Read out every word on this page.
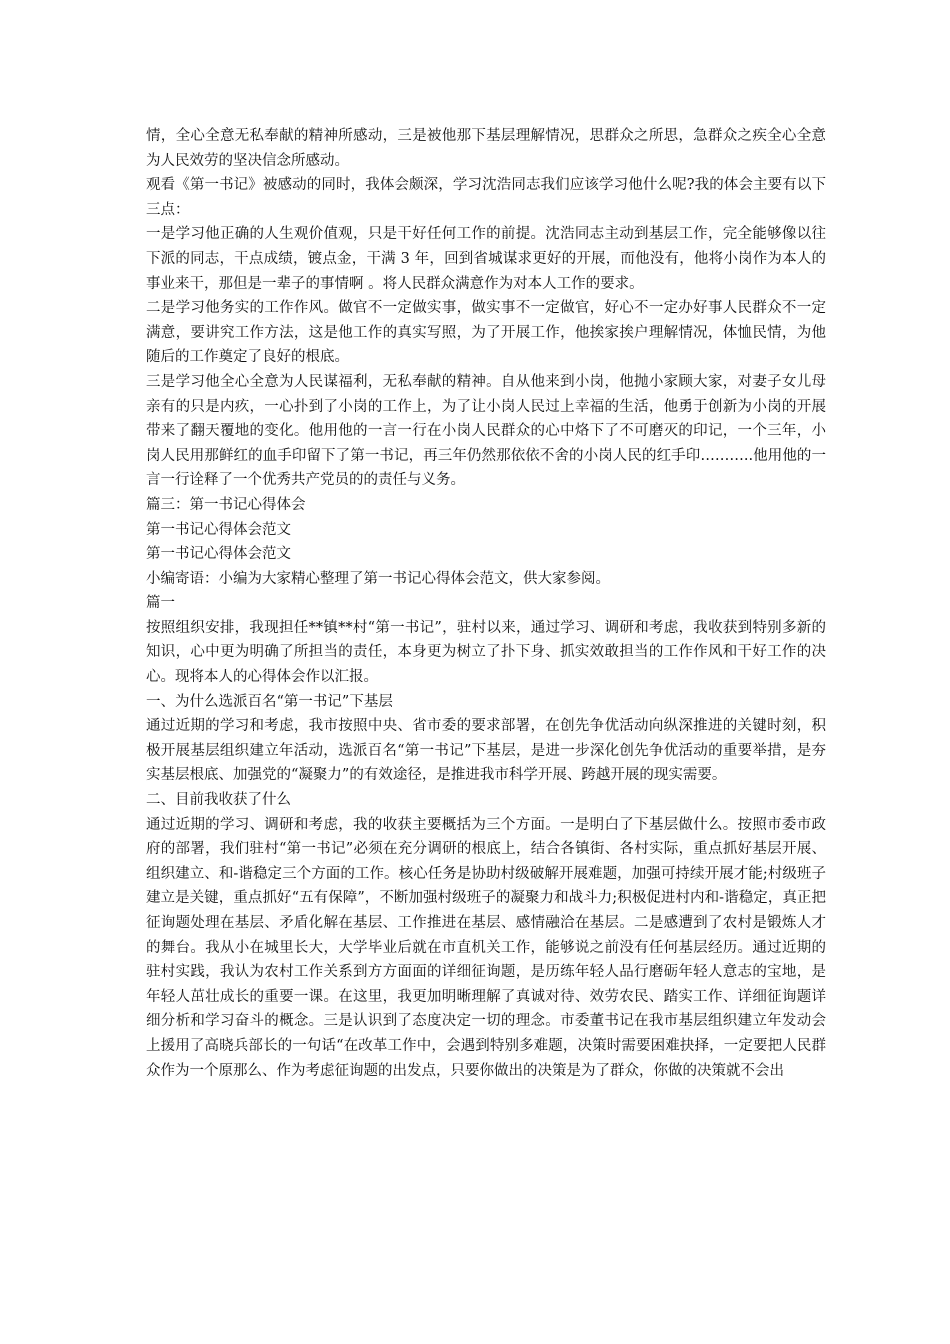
情，全心全意无私奉献的精神所感动，三是被他那下基层理解情况，思群众之所思，急群众之疾全心全意为人民效劳的坚决信念所感动。

观看《第一书记》被感动的同时，我体会颇深，学习沈浩同志我们应该学习他什么呢?我的体会主要有以下三点：

一是学习他正确的人生观价值观，只是干好任何工作的前提。沈浩同志主动到基层工作，完全能够像以往下派的同志，干点成绩，镀点金，干满 3 年，回到省城谋求更好的开展，而他没有，他将小岗作为本人的事业来干，那但是一辈子的事情啊 。将人民群众满意作为对本人工作的要求。

二是学习他务实的工作作风。做官不一定做实事，做实事不一定做官，好心不一定办好事人民群众不一定满意，要讲究工作方法，这是他工作的真实写照，为了开展工作，他挨家挨户理解情况，体恤民情，为他随后的工作奠定了良好的根底。

三是学习他全心全意为人民谋福利，无私奉献的精神。自从他来到小岗，他抛小家顾大家，对妻子女儿母亲有的只是内疚，一心扑到了小岗的工作上，为了让小岗人民过上幸福的生活，他勇于创新为小岗的开展带来了翻天覆地的变化。他用他的一言一行在小岗人民群众的心中烙下了不可磨灭的印记，一个三年，小岗人民用那鲜红的血手印留下了第一书记，再三年仍然那依依不舍的小岗人民的红手印………..他用他的一言一行诠释了一个优秀共产党员的的责任与义务。

篇三：第一书记心得体会

第一书记心得体会范文

第一书记心得体会范文

小编寄语：小编为大家精心整理了第一书记心得体会范文，供大家参阅。

篇一

按照组织安排，我现担任**镇**村“第一书记”，驻村以来，通过学习、调研和考虑，我收获到特别多新的知识，心中更为明确了所担当的责任，本身更为树立了扑下身、抓实效敢担当的工作作风和干好工作的决心。现将本人的心得体会作以汇报。

一、为什么选派百名“第一书记”下基层

通过近期的学习和考虑，我市按照中央、省市委的要求部署，在创先争优活动向纵深推进的关键时刻，积极开展基层组织建立年活动，选派百名“第一书记”下基层，是进一步深化创先争优活动的重要举措，是夯实基层根底、加强党的“凝聚力”的有效途径，是推进我市科学开展、跨越开展的现实需要。

二、目前我收获了什么

通过近期的学习、调研和考虑，我的收获主要概括为三个方面。一是明白了下基层做什么。按照市委市政府的部署，我们驻村“第一书记”必须在充分调研的根底上，结合各镇街、各村实际，重点抓好基层开展、组织建立、和-谐稳定三个方面的工作。核心任务是协助村级破解开展难题，加强可持续开展才能;村级班子建立是关键，重点抓好“五有保障”，不断加强村级班子的凝聚力和战斗力;积极促进村内和-谐稳定，真正把征询题处理在基层、矛盾化解在基层、工作推进在基层、感情融洽在基层。二是感遭到了农村是锻炼人才的舞台。我从小在城里长大，大学毕业后就在市直机关工作，能够说之前没有任何基层经历。通过近期的驻村实践，我认为农村工作关系到方方面面的详细征询题，是历练年轻人品行磨砺年轻人意志的宝地，是年轻人茁壮成长的重要一课。在这里，我更加明晰理解了真诚对待、效劳农民、踏实工作、详细征询题详细分析和学习奋斗的概念。三是认识到了态度决定一切的理念。市委董书记在我市基层组织建立年发动会上援用了高晓兵部长的一句话“在改革工作中，会遇到特别多难题，决策时需要困难抉择，一定要把人民群众作为一个原那么、作为考虑征询题的出发点，只要你做出的决策是为了群众，你做的决策就不会出
